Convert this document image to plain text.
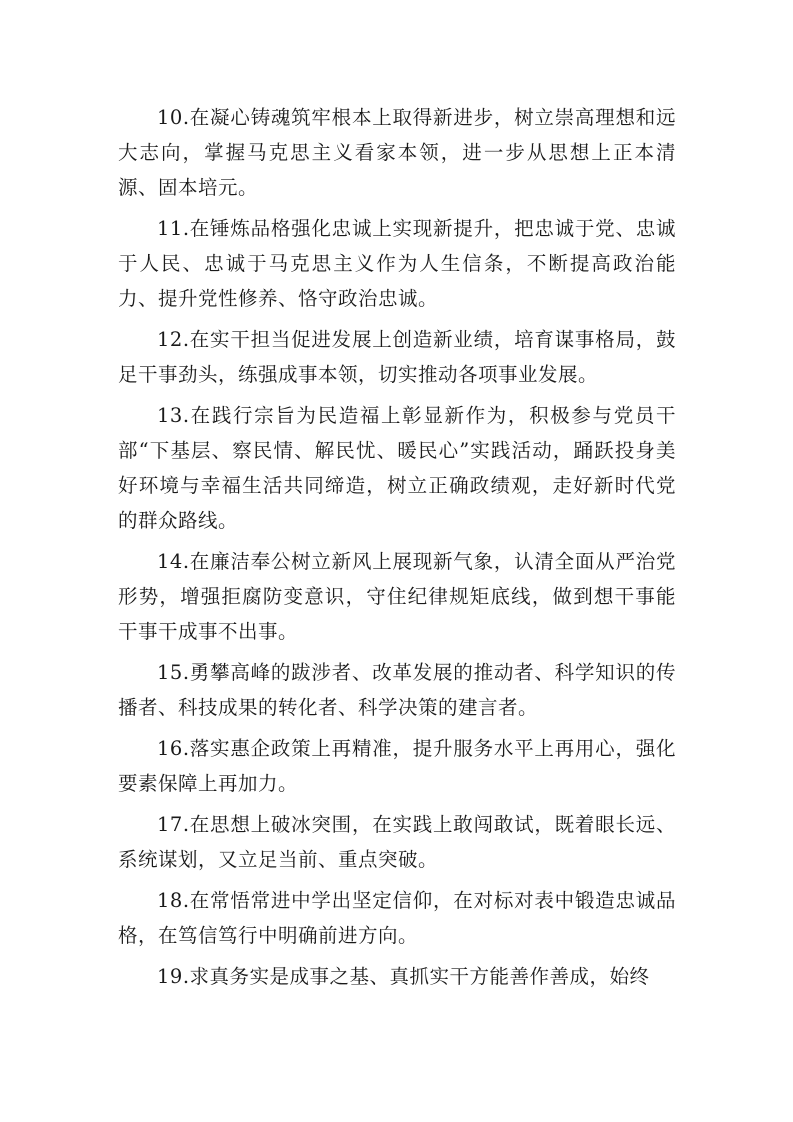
10.在凝心铸魂筑牢根本上取得新进步，树立崇高理想和远大志向，掌握马克思主义看家本领，进一步从思想上正本清源、固本培元。

11.在锤炼品格强化忠诚上实现新提升，把忠诚于党、忠诚于人民、忠诚于马克思主义作为人生信条，不断提高政治能力、提升党性修养、恪守政治忠诚。

12.在实干担当促进发展上创造新业绩，培育谋事格局，鼓足干事劲头，练强成事本领，切实推动各项事业发展。

13.在践行宗旨为民造福上彰显新作为，积极参与党员干部“下基层、察民情、解民忧、暖民心”实践活动，踊跃投身美好环境与幸福生活共同缔造，树立正确政绩观，走好新时代党的群众路线。

14.在廉洁奉公树立新风上展现新气象，认清全面从严治党形势，增强拒腐防变意识，守住纪律规矩底线，做到想干事能干事干成事不出事。

15.勇攀高峰的跋涉者、改革发展的推动者、科学知识的传播者、科技成果的转化者、科学决策的建言者。

16.落实惠企政策上再精准，提升服务水平上再用心，强化要素保障上再加力。

17.在思想上破冰突围，在实践上敢闯敢试，既着眼长远、系统谋划，又立足当前、重点突破。

18.在常悟常进中学出坚定信仰，在对标对表中锻造忠诚品格，在笃信笃行中明确前进方向。

19.求真务实是成事之基、真抓实干方能善作善成，始终
